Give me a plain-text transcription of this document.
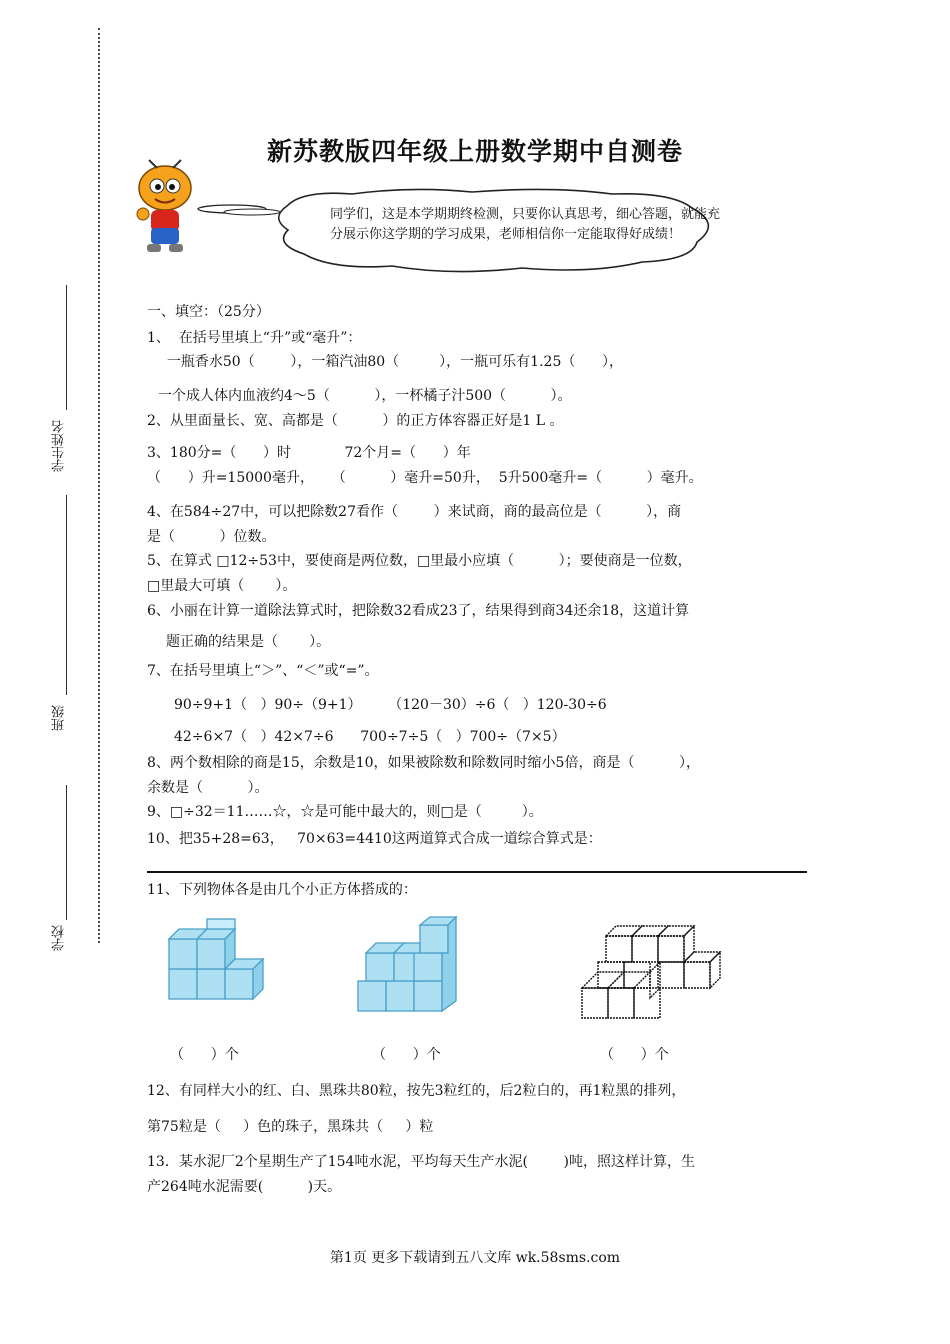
学生姓名
班级
学校
新苏教版四年级上册数学期中自测卷
同学们，这是本学期期终检测，只要你认真思考，细心答题，就能充分展示你这学期的学习成果，老师相信你一定能取得好成绩！
一、填空：（25分）
1、  在括号里填上“升”或“毫升”：
一瓶香水50（        ），一箱汽油80（         ），一瓶可乐有1.25（      ），
一个成人体内血液约4～5（          ），一杯橘子汁500（          ）。
2、从里面量长、宽、高都是（          ）的正方体容器正好是1 L 。
3、180分=（      ）时            72个月=（      ）年
（      ）升=15000毫升，    （          ）毫升=50升，  5升500毫升=（          ）毫升。
4、在584÷27中，可以把除数27看作（        ）来试商，商的最高位是（          ），商
是（          ）位数。
5、在算式 □12÷53中，要使商是两位数，□里最小应填（          ）；要使商是一位数，
□里最大可填（       ）。
6、小丽在计算一道除法算式时，把除数32看成23了，结果得到商34还余18，这道计算
题正确的结果是（       ）。
7、在括号里填上“＞”、“＜”或“=”。
90÷9+1（   ）90÷（9+1）      （120－30）÷6（   ）120-30÷6
42÷6×7（   ）42×7÷6      700÷7÷5（   ）700÷（7×5）
8、两个数相除的商是15，余数是10，如果被除数和除数同时缩小5倍，商是（          ），
余数是（          ）。
9、□÷32＝11……☆，☆是可能中最大的，则□是（         ）。
10、把35+28=63，   70×63=4410这两道算式合成一道综合算式是：
11、下列物体各是由几个小正方体搭成的：
（      ）个	（      ）个	（      ）个
12、有同样大小的红、白、黑珠共80粒，按先3粒红的，后2粒白的，再1粒黑的排列，
第75粒是（     ）色的珠子，黑珠共（     ）粒
13．某水泥厂2个星期生产了154吨水泥，平均每天生产水泥(        )吨，照这样计算，生
产264吨水泥需要(          )天。
第1页 更多下载请到五八文库 wk.58sms.com
